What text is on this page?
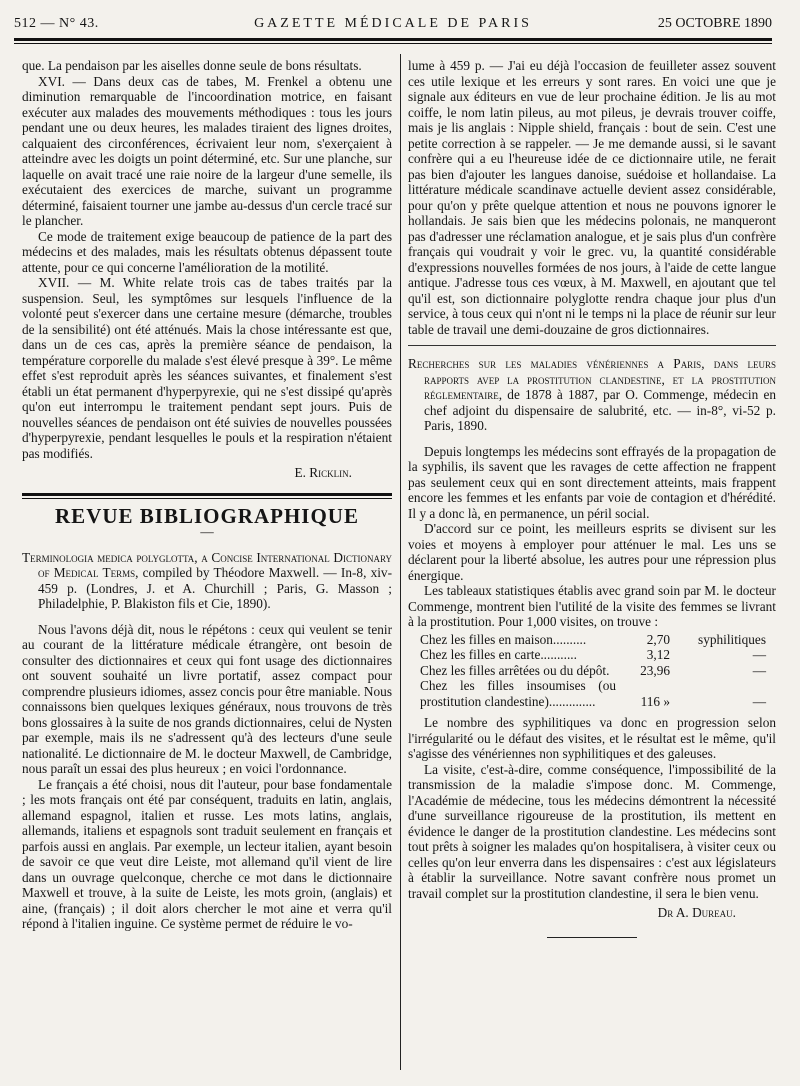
512 — N° 43.	GAZETTE MÉDICALE DE PARIS	25 OCTOBRE 1890

que. La pendaison par les aiselles donne seule de bons résultats.

XVI. — Dans deux cas de tabes, M. Frenkel a obtenu une diminution remarquable de l'incoordination motrice, en faisant exécuter aux malades des mouvements méthodiques : tous les jours pendant une ou deux heures, les malades tiraient des lignes droites, calquaient des circonférences, écrivaient leur nom, s'exerçaient à atteindre avec les doigts un point déterminé, etc. Sur une planche, sur laquelle on avait tracé une raie noire de la largeur d'une semelle, ils exécutaient des exercices de marche, suivant un programme déterminé, faisaient tourner une jambe au-dessus d'un cercle tracé sur le plancher.

Ce mode de traitement exige beaucoup de patience de la part des médecins et des malades, mais les résultats obtenus dépassent toute attente, pour ce qui concerne l'amélioration de la motilité.

XVII. — M. White relate trois cas de tabes traités par la suspension. Seul, les symptômes sur lesquels l'influence de la volonté peut s'exercer dans une certaine mesure (démarche, troubles de la sensibilité) ont été atténués. Mais la chose intéressante est que, dans un de ces cas, après la première séance de pendaison, la température corporelle du malade s'est élevé presque à 39°. Le même effet s'est reproduit après les séances suivantes, et finalement s'est établi un état permanent d'hyperpyrexie, qui ne s'est dissipé qu'après qu'on eut interrompu le traitement pendant sept jours. Puis de nouvelles séances de pendaison ont été suivies de nouvelles poussées d'hyperpyrexie, pendant lesquelles le pouls et la respiration n'étaient pas modifiés.

E. Ricklin.
REVUE BIBLIOGRAPHIQUE
—

Terminologia medica polyglotta, a Concise International Dictionary of Medical Terms, compiled by Théodore Maxwell. — In-8, xiv-459 p. (Londres, J. et A. Churchill ; Paris, G. Masson ; Philadelphie, P. Blakiston fils et Cie, 1890).

Nous l'avons déjà dit, nous le répétons : ceux qui veulent se tenir au courant de la littérature médicale étrangère, ont besoin de consulter des dictionnaires et ceux qui font usage des dictionnaires ont souvent souhaité un livre portatif, assez compact pour comprendre plusieurs idiomes, assez concis pour être maniable. Nous connaissons bien quelques lexiques généraux, nous trouvons de très bons glossaires à la suite de nos grands dictionnaires, celui de Nysten par exemple, mais ils ne s'adressent qu'à des lecteurs d'une seule nationalité. Le dictionnaire de M. le docteur Maxwell, de Cambridge, nous paraît un essai des plus heureux ; en voici l'ordonnance.

Le français a été choisi, nous dit l'auteur, pour base fondamentale ; les mots français ont été par conséquent, traduits en latin, anglais, allemand espagnol, italien et russe. Les mots latins, anglais, allemands, italiens et espagnols sont traduit seulement en français et parfois aussi en anglais. Par exemple, un lecteur italien, ayant besoin de savoir ce que veut dire Leiste, mot allemand qu'il vient de lire dans un ouvrage quelconque, cherche ce mot dans le dictionnaire Maxwell et trouve, à la suite de Leiste, les mots groin, (anglais) et aine, (français) ; il doit alors chercher le mot aine et verra qu'il répond à l'italien inguine. Ce système permet de réduire le vo-

lume à 459 p. — J'ai eu déjà l'occasion de feuilleter assez souvent ces utile lexique et les erreurs y sont rares. En voici une que je signale aux éditeurs en vue de leur prochaine édition. Je lis au mot coiffe, le nom latin pileus, au mot pileus, je devrais trouver coiffe, mais je lis anglais : Nipple shield, français : bout de sein. C'est une petite correction à se rappeler. — Je me demande aussi, si le savant confrère qui a eu l'heureuse idée de ce dictionnaire utile, ne ferait pas bien d'ajouter les langues danoise, suédoise et hollandaise. La littérature médicale scandinave actuelle devient assez considérable, pour qu'on y prête quelque attention et nous ne pouvons ignorer le hollandais. Je sais bien que les médecins polonais, ne manqueront pas d'adresser une réclamation analogue, et je sais plus d'un confrère français qui voudrait y voir le grec. vu, la quantité considérable d'expressions nouvelles formées de nos jours, à l'aide de cette langue antique. J'adresse tous ces vœux, à M. Maxwell, en ajoutant que tel qu'il est, son dictionnaire polyglotte rendra chaque jour plus d'un service, à tous ceux qui n'ont ni le temps ni la place de réunir sur leur table de travail une demi-douzaine de gros dictionnaires.

Recherches sur les maladies vénériennes a Paris, dans leurs rapports avep la prostitution clandestine, et la prostitution réglementaire, de 1878 à 1887, par O. Commenge, médecin en chef adjoint du dispensaire de salubrité, etc. — in-8°, vi-52 p. Paris, 1890.

Depuis longtemps les médecins sont effrayés de la propagation de la syphilis, ils savent que les ravages de cette affection ne frappent pas seulement ceux qui en sont directement atteints, mais frappent encore les femmes et les enfants par voie de contagion et d'hérédité. Il y a donc là, en permanence, un péril social.

D'accord sur ce point, les meilleurs esprits se divisent sur les voies et moyens à employer pour atténuer le mal. Les uns se déclarent pour la liberté absolue, les autres pour une répression plus énergique.

Les tableaux statistiques établis avec grand soin par M. le docteur Commenge, montrent bien l'utilité de la visite des femmes se livrant à la prostitution. Pour 1,000 visites, on trouve :

Chez les filles en maison..........	2,70	syphilitiques
Chez les filles en carte...........	3,12	—
Chez les filles arrêtées ou du dépôt.	23,96	—
Chez les filles insoumises (ou prostitution clandestine)..............	116 »	—

Le nombre des syphilitiques va donc en progression selon l'irrégularité ou le défaut des visites, et le résultat est le même, qu'il s'agisse des vénériennes non syphilitiques et des galeuses.

La visite, c'est-à-dire, comme conséquence, l'impossibilité de la transmission de la maladie s'impose donc. M. Commenge, l'Académie de médecine, tous les médecins démontrent la nécessité d'une surveillance rigoureuse de la prostitution, ils mettent en évidence le danger de la prostitution clandestine. Les médecins sont tout prêts à soigner les malades qu'on hospitalisera, à visiter ceux ou celles qu'on leur enverra dans les dispensaires : c'est aux législateurs à établir la surveillance. Notre savant confrère nous promet un travail complet sur la prostitution clandestine, il sera le bien venu.

Dr A. Dureau.
